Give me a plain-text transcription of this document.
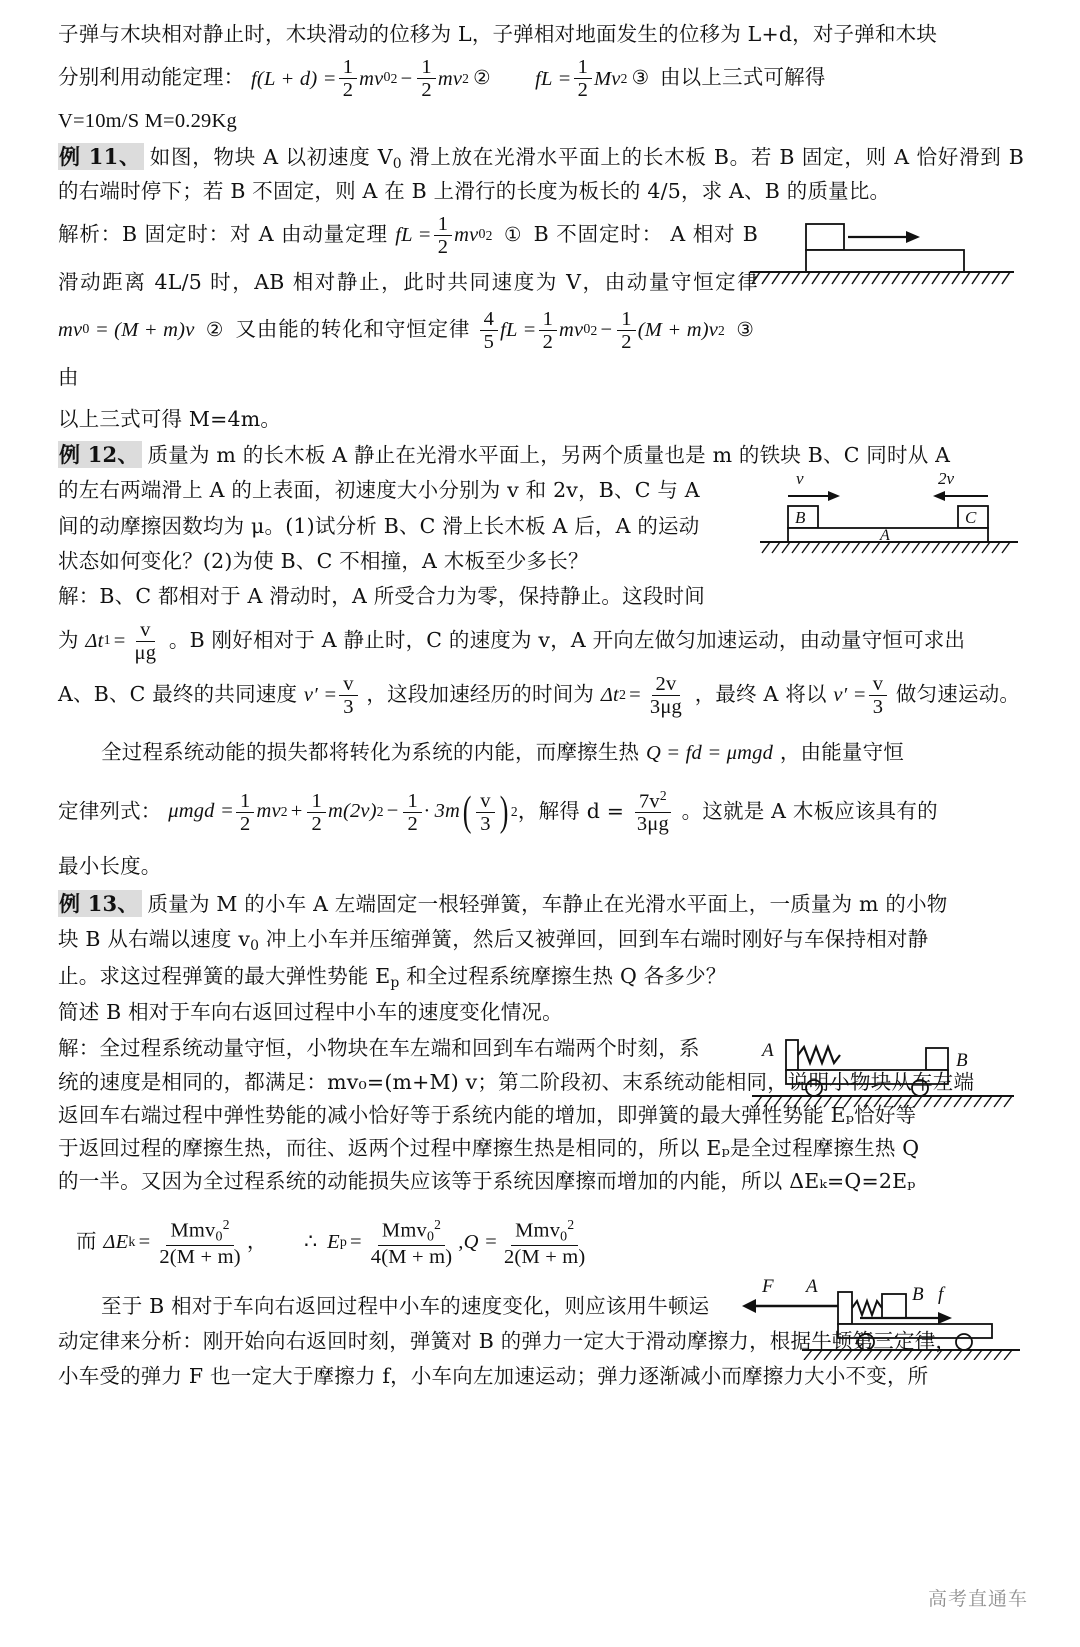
v	2v
B	C
A
A	B
F A	B f

子弹与木块相对静止时，木块滑动的位移为 L，子弹相对地面发生的位移为 L+d，对子弹和木块

分别利用动能定理： $f(L + d) = \frac{1}{2}$ mv 0 $2 - \frac{1}{2}$ mv 2 ②
fL = $\frac{1}{2}$ Mv 2 ③ 由以上三式可解得

V=10m/S M=0.29Kg

例 11、 如图，物块 A 以初速度 $V_0$ 滑上放在光滑水平面上的长木板 B。若 B 固定，则 A 恰好滑到 B 的右端时停下；若 B 不固定，则 A 在 B 上滑行的长度为板长的 4/5，求 A、B 的质量比。

解析：B 固定时：对 A 由动量定理 fL = $\frac{1}{2}$ mv 0 2 ① B 不固定时： A 相对 B 滑动距离 4L/5 时，AB 相对静止，此时共同速度为 V，由动量守恒定律
mv 0
= (M + m)v ② 又由能的转化和守恒定律 $\frac{4}{5}$ fL = $\frac{1}{2}$ mv 0 $2 - \frac{1}{2} (M + m)v$ 2 ③由

以上三式可得 M=4m。

例 12、 质量为 m 的长木板 A 静止在光滑水平面上，另两个质量也是 m 的铁块 B、C 同时从 A

的左右两端滑上 A 的上表面，初速度大小分别为 v 和 2v，B、C 与 A

间的动摩擦因数均为 μ。(1)试分析 B、C 滑上长木板 A 后，A 的运动

状态如何变化？(2)为使 B、C 不相撞，A 木板至少多长？

解：B、C 都相对于 A 滑动时，A 所受合力为零，保持静止。这段时间

为 Δt $1 = \frac{v}{\mu g}$ 。B 刚好相对于 A 静止时，C 的速度为 v，A 开向左做匀加速运动，由动量守恒可求出

A、B、C 最终的共同速度 $v' = \frac{v}{3}$ ，这段加速经历的时间为 Δt $2 = \frac{2v}{3\mu g}$ ，最终 A 将以 $v' = \frac{v}{3}$ 做匀速运动。

全过程系统动能的损失都将转化为系统的内能，而摩擦生热 Q = fd = μmgd ，由能量守恒

定律列式： $\mu mgd = \frac{1}{2}$ mv $2 + \frac{1}{2} m(2v) 2 - \frac{1}{2} \cdot 3m$ ( $\frac{v}{3}$ ) 2 ，解得 $d = \frac{7v^2}{3\mu g}$ 。这就是 A 木板应该具有的

最小长度。

例 13、 质量为 M 的小车 A 左端固定一根轻弹簧，车静止在光滑水平面上，一质量为 m 的小物

块 B 从右端以速度 $v_0$ 冲上小车并压缩弹簧，然后又被弹回，回到车右端时刚好与车保持相对静

止。求这过程弹簧的最大弹性势能 $E_p$ 和全过程系统摩擦生热 Q 各多少？

简述 B 相对于车向右返回过程中小车的速度变化情况。

解：全过程系统动量守恒，小物块在车左端和回到车右端两个时刻，系

统的速度是相同的，都满足：mv₀=(m+M) v；第二阶段初、末系统动能相同，说明小物块从车左端

返回车右端过程中弹性势能的减小恰好等于系统内能的增加，即弹簧的最大弹性势能 Eₚ恰好等

于返回过程的摩擦生热，而往、返两个过程中摩擦生热是相同的，所以 Eₚ是全过程摩擦生热 Q

的一半。又因为全过程系统的动能损失应该等于系统因摩擦而增加的内能，所以 ΔEₖ=Q=2Eₚ

而 ΔE $k = \frac{Mmv_0^2}{2(M + m)}$ ， ∴ E $p = \frac{Mmv_0^2}{4(M + m)} ,Q = \frac{Mmv_0^2}{2(M + m)}$

至于 B 相对于车向右返回过程中小车的速度变化，则应该用牛顿运

动定律来分析：刚开始向右返回时刻，弹簧对 B 的弹力一定大于滑动摩擦力，根据牛顿第三定律，

小车受的弹力 F 也一定大于摩擦力 f，小车向左加速运动；弹力逐渐减小而摩擦力大小不变，所

高考直通车
